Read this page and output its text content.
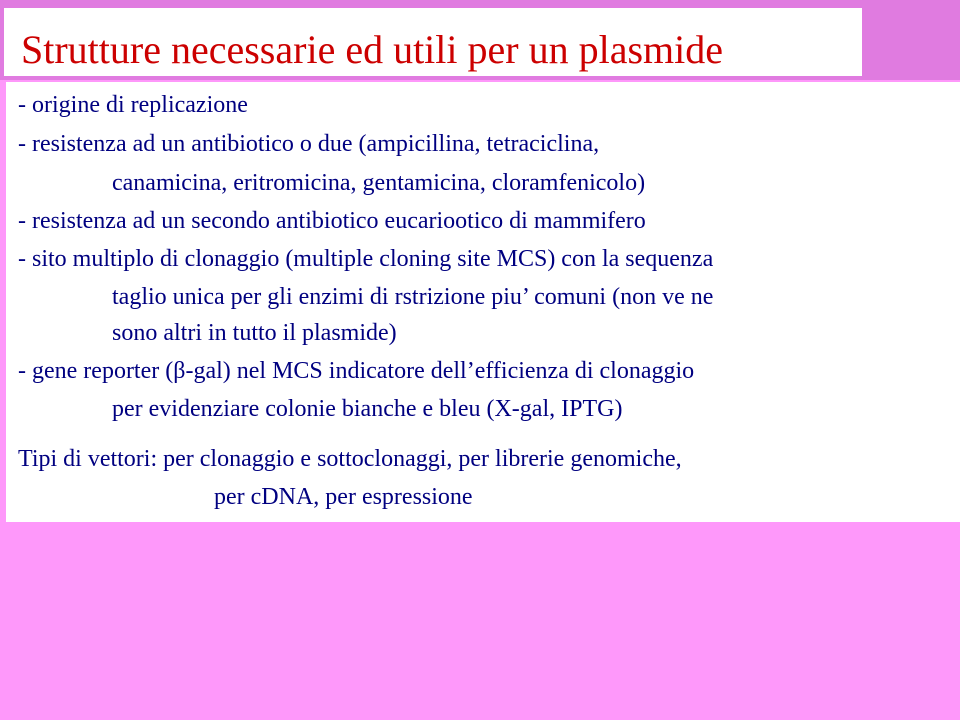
Strutture necessarie ed utili per un plasmide

- origine di replicazione

- resistenza ad un antibiotico o due (ampicillina, tetraciclina,

canamicina, eritromicina, gentamicina, cloramfenicolo)

- resistenza ad un secondo antibiotico eucariootico di mammifero

- sito multiplo di clonaggio (multiple cloning site MCS) con la sequenza

taglio unica per gli enzimi di rstrizione piu’ comuni (non ve ne

sono altri in tutto il plasmide)

- gene reporter (β-gal) nel MCS indicatore dell’efficienza di clonaggio

per evidenziare colonie bianche e bleu (X-gal, IPTG)

Tipi di vettori: per clonaggio e sottoclonaggi, per librerie genomiche,

per cDNA, per espressione
